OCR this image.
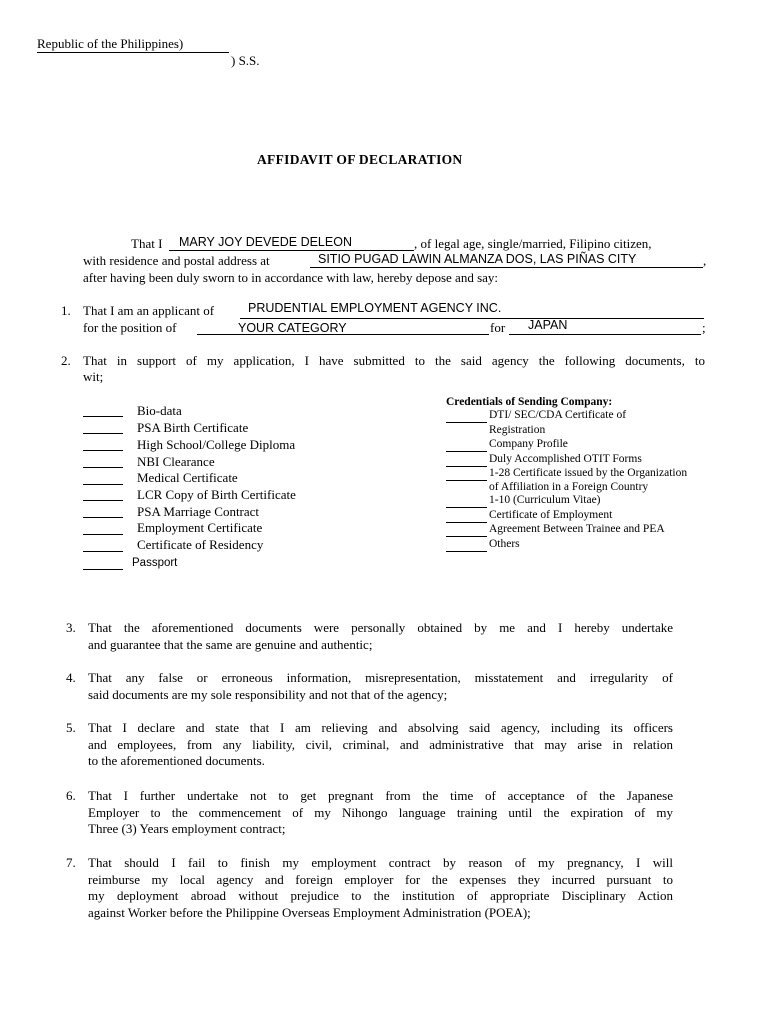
Republic of the Philippines)
) S.S.
AFFIDAVIT OF DECLARATION
That I MARY JOY DEVEDE DELEON	, of legal age, single/married, Filipino citizen,
with residence and postal address at	SITIO PUGAD LAWIN ALMANZA DOS, LAS PIÑAS CITY	,
after having been duly sworn to in accordance with law, hereby depose and say:
1. That I am an applicant of	PRUDENTIAL EMPLOYMENT AGENCY INC.
for the position of	YOUR CATEGORY	for JAPAN	;
2. That in support of my application, I have submitted to the said agency the following documents, to
wit;
Bio-data
PSA Birth Certificate
High School/College Diploma
NBI Clearance
Medical Certificate
LCR Copy of Birth Certificate
PSA Marriage Contract
Employment Certificate
Certificate of Residency
Passport
Credentials of Sending Company:
DTI/ SEC/CDA Certificate of
Registration
Company Profile
Duly Accomplished OTIT Forms
1-28 Certificate issued by the Organization
of Affiliation in a Foreign Country
1-10 (Curriculum Vitae)
Certificate of Employment
Agreement Between Trainee and PEA
Others
3. That the aforementioned documents were personally obtained by me and I hereby undertake
and guarantee that the same are genuine and authentic;
4. That any false or erroneous information, misrepresentation, misstatement and irregularity of
said documents are my sole responsibility and not that of the agency;
5. That I declare and state that I am relieving and absolving said agency, including its officers
and employees, from any liability, civil, criminal, and administrative that may arise in relation
to the aforementioned documents.
6. That I further undertake not to get pregnant from the time of acceptance of the Japanese
Employer to the commencement of my Nihongo language training until the expiration of my
Three (3) Years employment contract;
7. That should I fail to finish my employment contract by reason of my pregnancy, I will
reimburse my local agency and foreign employer for the expenses they incurred pursuant to
my deployment abroad without prejudice to the institution of appropriate Disciplinary Action
against Worker before the Philippine Overseas Employment Administration (POEA);
